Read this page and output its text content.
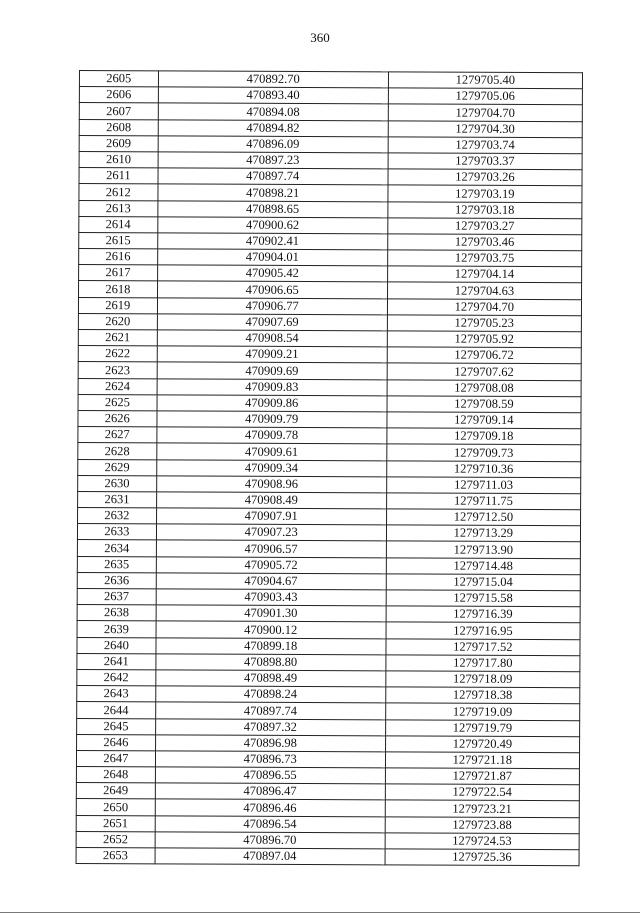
360
2605	470892.70	1279705.40
2606	470893.40	1279705.06
2607	470894.08	1279704.70
2608	470894.82	1279704.30
2609	470896.09	1279703.74
2610	470897.23	1279703.37
2611	470897.74	1279703.26
2612	470898.21	1279703.19
2613	470898.65	1279703.18
2614	470900.62	1279703.27
2615	470902.41	1279703.46
2616	470904.01	1279703.75
2617	470905.42	1279704.14
2618	470906.65	1279704.63
2619	470906.77	1279704.70
2620	470907.69	1279705.23
2621	470908.54	1279705.92
2622	470909.21	1279706.72
2623	470909.69	1279707.62
2624	470909.83	1279708.08
2625	470909.86	1279708.59
2626	470909.79	1279709.14
2627	470909.78	1279709.18
2628	470909.61	1279709.73
2629	470909.34	1279710.36
2630	470908.96	1279711.03
2631	470908.49	1279711.75
2632	470907.91	1279712.50
2633	470907.23	1279713.29
2634	470906.57	1279713.90
2635	470905.72	1279714.48
2636	470904.67	1279715.04
2637	470903.43	1279715.58
2638	470901.30	1279716.39
2639	470900.12	1279716.95
2640	470899.18	1279717.52
2641	470898.80	1279717.80
2642	470898.49	1279718.09
2643	470898.24	1279718.38
2644	470897.74	1279719.09
2645	470897.32	1279719.79
2646	470896.98	1279720.49
2647	470896.73	1279721.18
2648	470896.55	1279721.87
2649	470896.47	1279722.54
2650	470896.46	1279723.21
2651	470896.54	1279723.88
2652	470896.70	1279724.53
2653	470897.04	1279725.36
